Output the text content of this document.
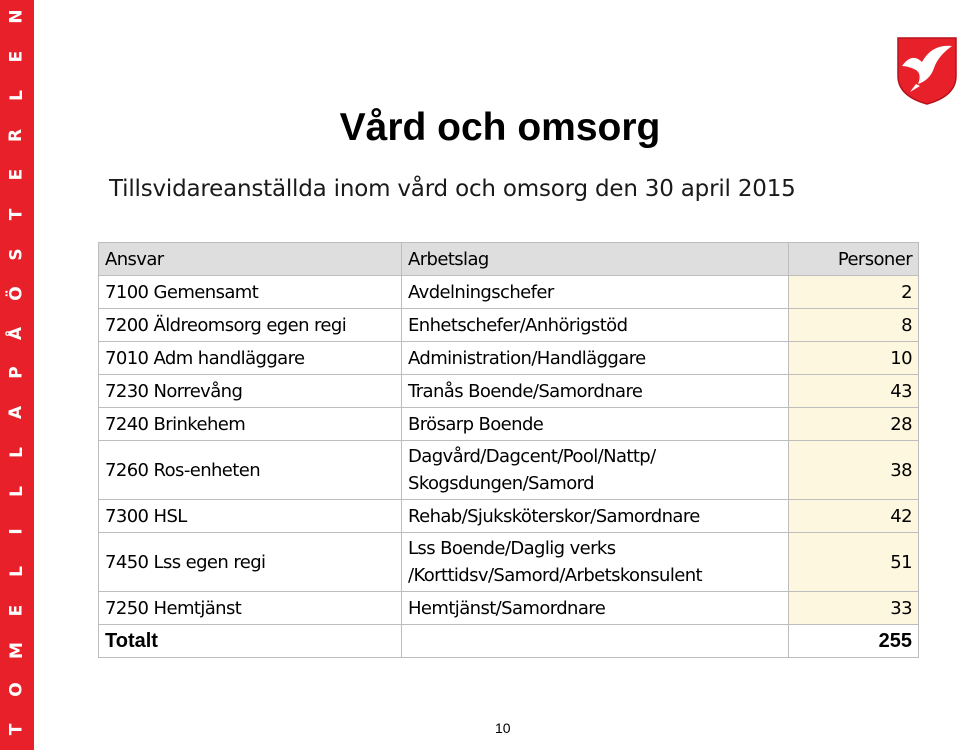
N
E
L
R
E
T
S
Ö
Å
P
A
L
L
I
L
E
M
O
T
Vård och omsorg
Tillsvidareanställda inom vård och omsorg den 30 april 2015
Ansvar	Arbetslag	Personer
7100 Gemensamt	Avdelningschefer	2
7200 Äldreomsorg egen regi	Enhetschefer/Anhörigstöd	8
7010 Adm handläggare	Administration/Handläggare	10
7230 Norrevång	Tranås Boende/Samordnare	43
7240 Brinkehem	Brösarp Boende	28
7260 Ros-enheten	Dagvård/Dagcent/Pool/Nattp/ Skogsdungen/Samord	38
7300 HSL	Rehab/Sjuksköterskor/Samordnare	42
7450 Lss egen regi	Lss Boende/Daglig verks /Korttidsv/Samord/Arbetskonsulent	51
7250 Hemtjänst	Hemtjänst/Samordnare	33
Totalt		255
10
